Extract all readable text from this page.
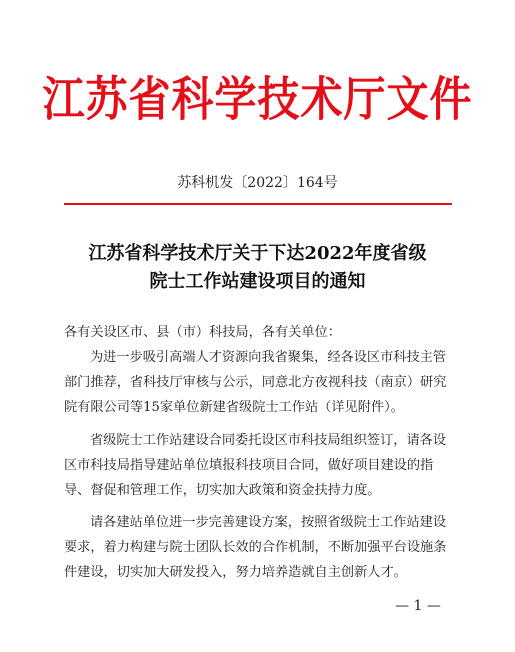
江苏省科学技术厅文件
苏科机发〔2022〕164号
江苏省科学技术厅关于下达2022年度省级
院士工作站建设项目的通知
各有关设区市、县（市）科技局，各有关单位：
为进一步吸引高端人才资源向我省聚集，经各设区市科技主管部门推荐，省科技厅审核与公示，同意北方夜视科技（南京）研究院有限公司等15家单位新建省级院士工作站（详见附件）。
省级院士工作站建设合同委托设区市科技局组织签订，请各设区市科技局指导建站单位填报科技项目合同，做好项目建设的指导、督促和管理工作，切实加大政策和资金扶持力度。
请各建站单位进一步完善建设方案，按照省级院士工作站建设要求，着力构建与院士团队长效的合作机制，不断加强平台设施条件建设，切实加大研发投入，努力培养造就自主创新人才。
— 1 —
